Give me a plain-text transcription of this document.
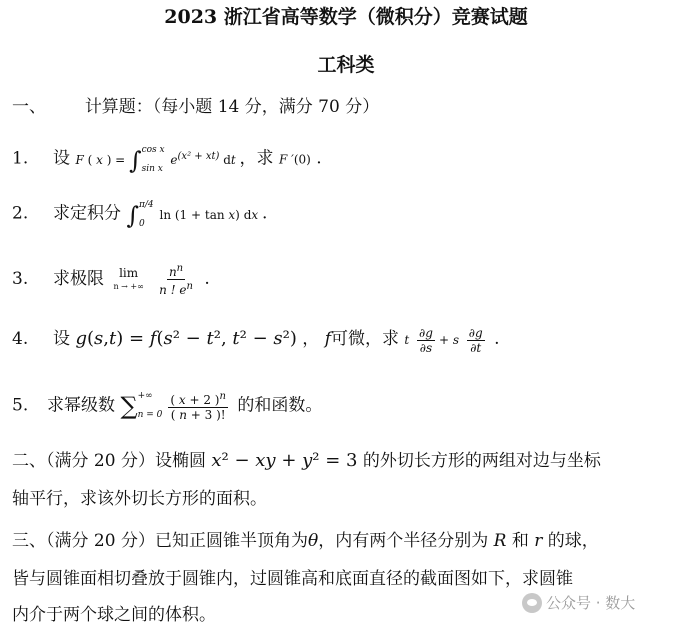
2023 浙江省高等数学（微积分）竞赛试题
工科类
一、 计算题：（每小题 14 分，满分 70 分）
1. 设 F ( x ) = ∫ cos x
sin x
$e^{(x^2 + xt)}$ dt ，求 F ′(0) .
2. 求定积分 ∫ π/4
0
ln (1 + tan x) dx .
3. 求极限 lim
n → +∞
$\frac{n^n}{n ! e^n}$ .
4. 设 g(s,t) = f(s² − t², t² − s²) ， f可微，求 t $\frac{\partial g}{\partial s} + s \frac{\partial g}{\partial t}$ .
5. 求幂级数 ∑ +∞
$n = 0 \frac{( x + 2 )^n}{( n + 3 )!}$ 的和函数。
二、（满分 20 分）设椭圆 x² − xy + y² = 3 的外切长方形的两组对边与坐标
轴平行，求该外切长方形的面积。
三、（满分 20 分）已知正圆锥半顶角为θ，内有两个半径分别为 R 和 r 的球，
皆与圆锥面相切叠放于圆锥内，过圆锥高和底面直径的截面图如下，求圆锥
内介于两个球之间的体积。
公众号 · 数大
